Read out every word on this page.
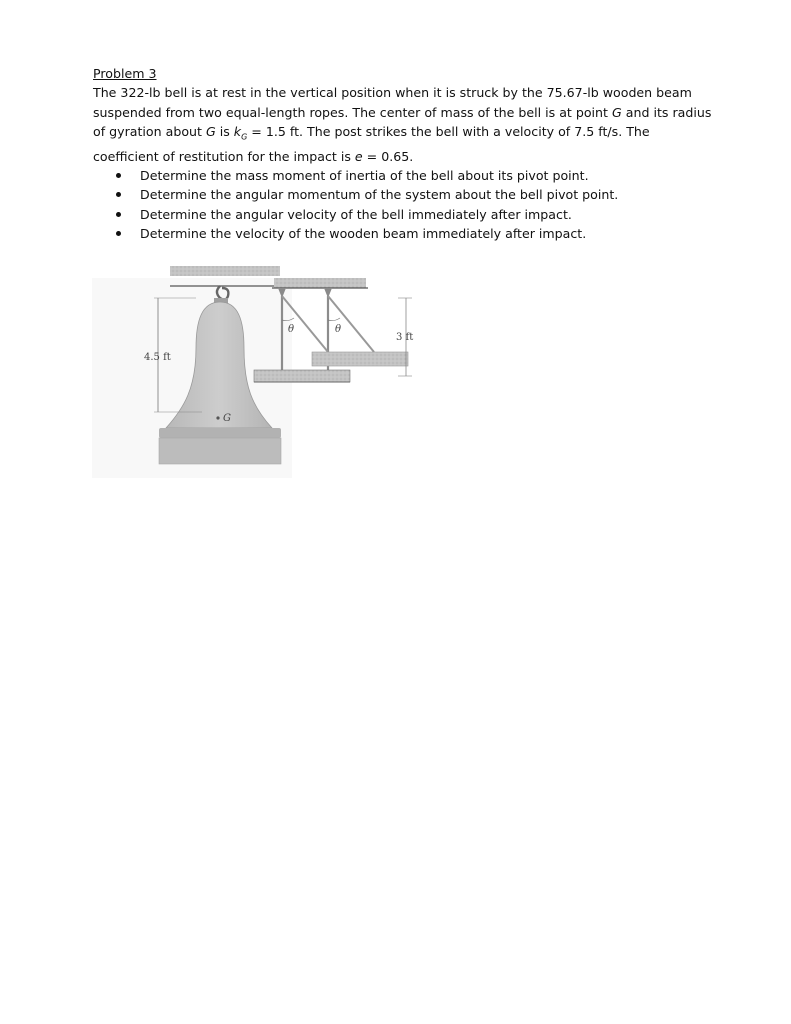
Problem 3

The 322-lb bell is at rest in the vertical position when it is struck by the 75.67-lb wooden beam suspended from two equal-length ropes. The center of mass of the bell is at point G and its radius of gyration about G is $k_G = 1.5$ ft. The post strikes the bell with a velocity of 7.5 ft/s. The coefficient of restitution for the impact is e = 0.65.

Determine the mass moment of inertia of the bell about its pivot point.
Determine the angular momentum of the system about the bell pivot point.
Determine the angular velocity of the bell immediately after impact.
Determine the velocity of the wooden beam immediately after impact.
G
4.5 ft
θ	θ
3 ft
